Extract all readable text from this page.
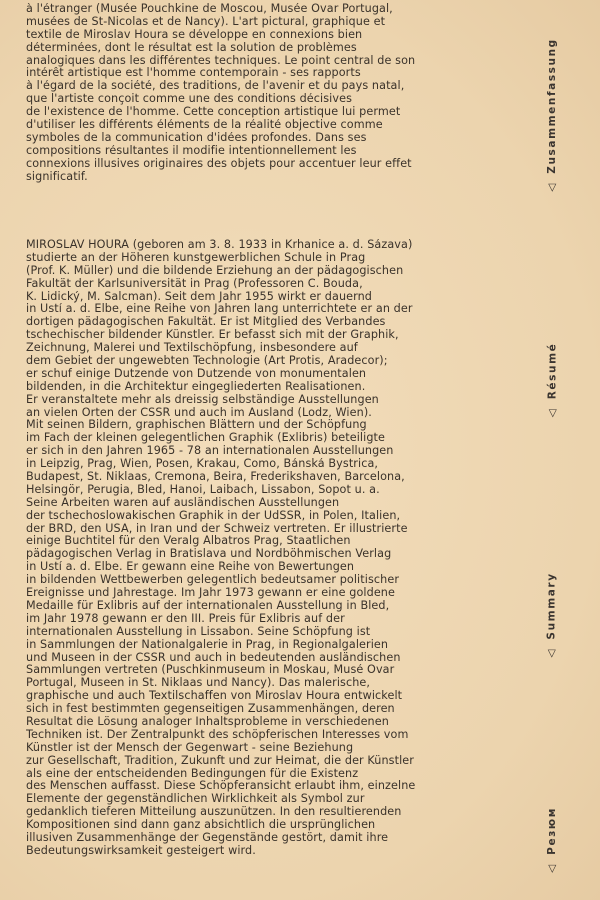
à l'étranger (Musée Pouchkine de Moscou, Musée Ovar Portugal,
musées de St-Nicolas et de Nancy). L'art pictural, graphique et
textile de Miroslav Houra se développe en connexions bien
déterminées, dont le résultat est la solution de problèmes
analogiques dans les différentes techniques. Le point central de son
intérêt artistique est l'homme contemporain - ses rapports
à l'égard de la société, des traditions, de l'avenir et du pays natal,
que l'artiste conçoit comme une des conditions décisives
de l'existence de l'homme. Cette conception artistique lui permet
d'utiliser les différents éléments de la réalité objective comme
symboles de la communication d'idées profondes. Dans ses
compositions résultantes il modifie intentionnellement les
connexions illusives originaires des objets pour accentuer leur effet
significatif.
MIROSLAV HOURA (geboren am 3. 8. 1933 in Krhanice a. d. Sázava)
studierte an der Höheren kunstgewerblichen Schule in Prag
(Prof. K. Müller) und die bildende Erziehung an der pädagogischen
Fakultät der Karlsuniversität in Prag (Professoren C. Bouda,
K. Lidický, M. Salcman). Seit dem Jahr 1955 wirkt er dauernd
in Ústí a. d. Elbe, eine Reihe von Jahren lang unterrichtete er an der
dortigen pädagogischen Fakultät. Er ist Mitglied des Verbandes
tschechischer bildender Künstler. Er befasst sich mit der Graphik,
Zeichnung, Malerei und Textilschöpfung, insbesondere auf
dem Gebiet der ungewebten Technologie (Art Protis, Aradecor);
er schuf einige Dutzende von Dutzende von monumentalen
bildenden, in die Architektur eingegliederten Realisationen.
Er veranstaltete mehr als dreissig selbständige Ausstellungen
an vielen Orten der ČSSR und auch im Ausland (Lodz, Wien).
Mit seinen Bildern, graphischen Blättern und der Schöpfung
im Fach der kleinen gelegentlichen Graphik (Exlibris) beteiligte
er sich in den Jahren 1965 - 78 an internationalen Ausstellungen
in Leipzig, Prag, Wien, Posen, Krakau, Como, Bánská Bystrica,
Budapest, St. Niklaas, Cremona, Beira, Frederikshaven, Barcelona,
Helsingör, Perugia, Bled, Hanoi, Laibach, Lissabon, Sopot u. a.
Seine Arbeiten waren auf ausländischen Ausstellungen
der tschechoslowakischen Graphik in der UdSSR, in Polen, Italien,
der BRD, den USA, in Iran und der Schweiz vertreten. Er illustrierte
einige Buchtitel für den Veralg Albatros Prag, Staatlichen
pädagogischen Verlag in Bratislava und Nordböhmischen Verlag
in Ústí a. d. Elbe. Er gewann eine Reihe von Bewertungen
in bildenden Wettbewerben gelegentlich bedeutsamer politischer
Ereignisse und Jahrestage. Im Jahr 1973 gewann er eine goldene
Medaille für Exlibris auf der internationalen Ausstellung in Bled,
im Jahr 1978 gewann er den III. Preis für Exlibris auf der
internationalen Ausstellung in Lissabon. Seine Schöpfung ist
in Sammlungen der Nationalgalerie in Prag, in Regionalgalerien
und Museen in der ČSSR und auch in bedeutenden ausländischen
Sammlungen vertreten (Puschkinmuseum in Moskau, Musé Ovar
Portugal, Museen in St. Niklaas und Nancy). Das malerische,
graphische und auch Textilschaffen von Miroslav Houra entwickelt
sich in fest bestimmten gegenseitigen Zusammenhängen, deren
Resultat die Lösung analoger Inhaltsprobleme in verschiedenen
Techniken ist. Der Zentralpunkt des schöpferischen Interesses vom
Künstler ist der Mensch der Gegenwart - seine Beziehung
zur Gesellschaft, Tradition, Zukunft und zur Heimat, die der Künstler
als eine der entscheidenden Bedingungen für die Existenz
des Menschen auffasst. Diese Schöpferansicht erlaubt ihm, einzelne
Elemente der gegenständlichen Wirklichkeit als Symbol zur
gedanklich tieferen Mitteilung auszunützen. In den resultierenden
Kompositionen sind dann ganz absichtlich die ursprünglichen
illusiven Zusammenhänge der Gegenstände gestört, damit ihre
Bedeutungswirksamkeit gesteigert wird.
◁Zusammenfassung
◁Résumé
◁Summary
◁Резюм
